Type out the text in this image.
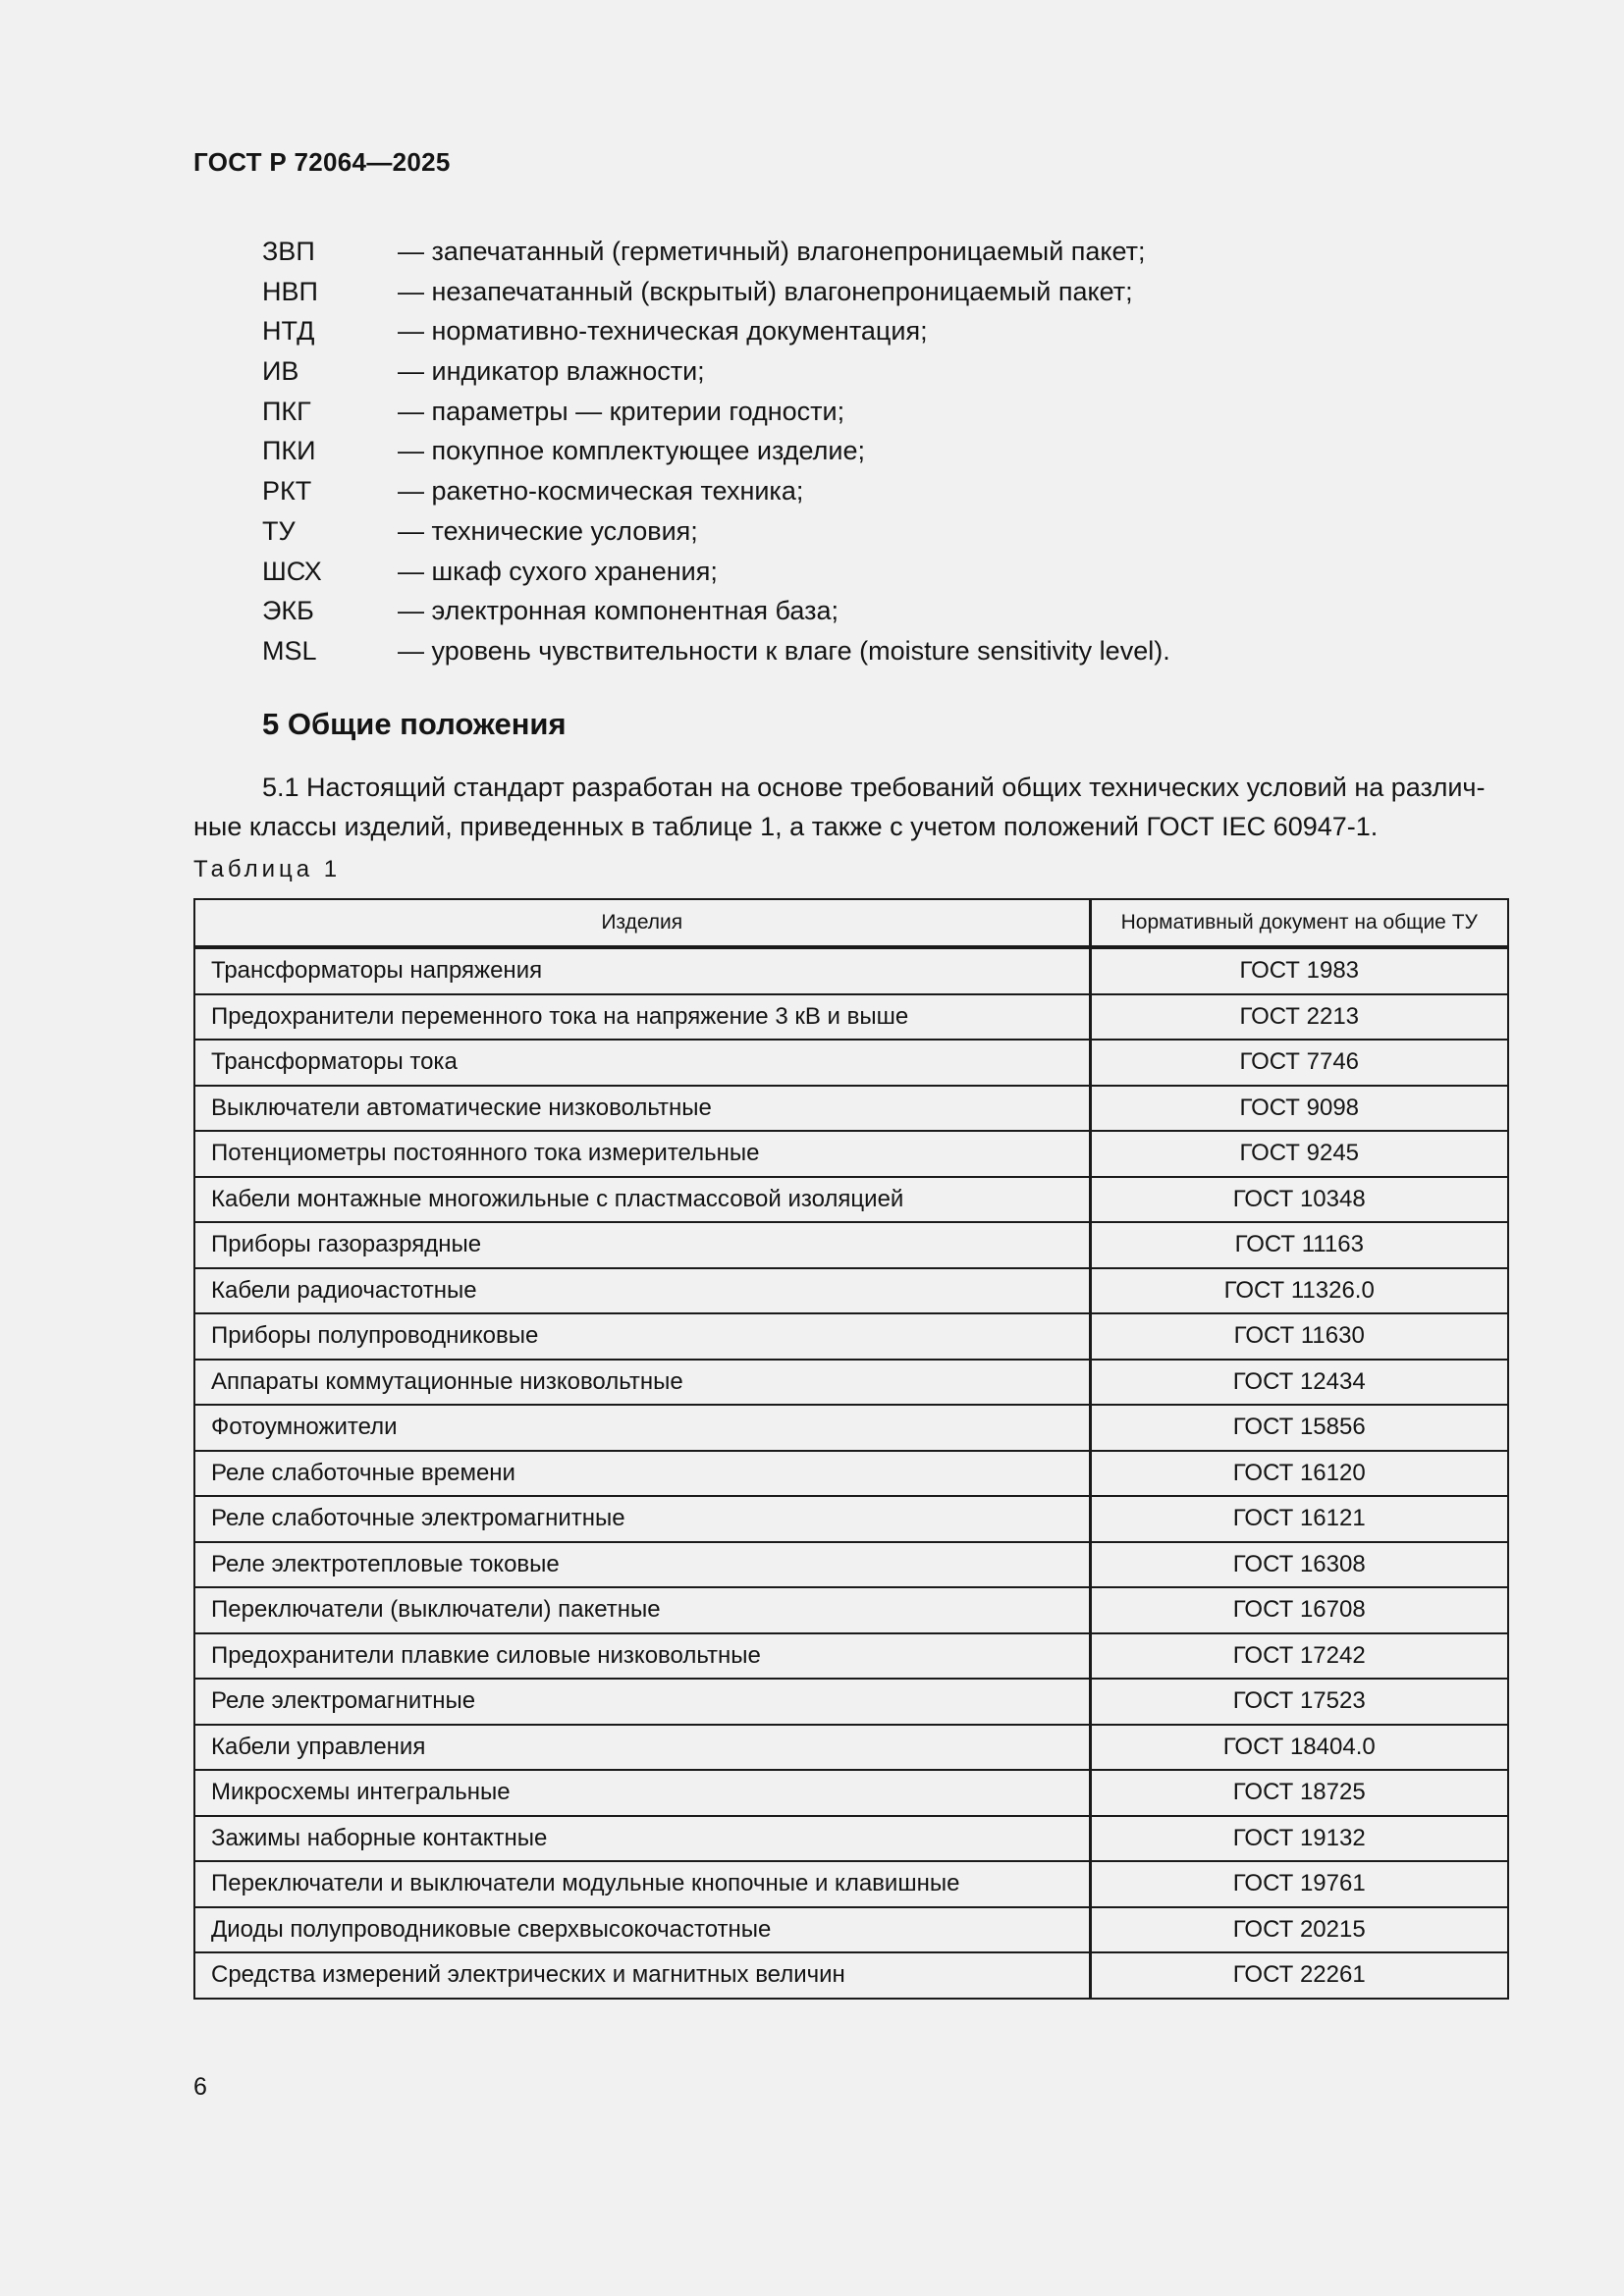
ГОСТ Р 72064—2025
ЗВП	— запечатанный (герметичный) влагонепроницаемый пакет;
НВП	— незапечатанный (вскрытый) влагонепроницаемый пакет;
НТД	— нормативно-техническая документация;
ИВ	— индикатор влажности;
ПКГ	— параметры — критерии годности;
ПКИ	— покупное комплектующее изделие;
РКТ	— ракетно-космическая техника;
ТУ	— технические условия;
ШСХ	— шкаф сухого хранения;
ЭКБ	— электронная компонентная база;
MSL	— уровень чувствительности к влаге (moisture sensitivity level).
5 Общие положения
5.1 Настоящий стандарт разработан на основе требований общих технических условий на различ-
ные классы изделий, приведенных в таблице 1, а также с учетом положений ГОСТ IEC 60947-1.
Таблица 1
Изделия	Нормативный документ на общие ТУ
Трансформаторы напряжения	ГОСТ 1983
Предохранители переменного тока на напряжение 3 кВ и выше	ГОСТ 2213
Трансформаторы тока	ГОСТ 7746
Выключатели автоматические низковольтные	ГОСТ 9098
Потенциометры постоянного тока измерительные	ГОСТ 9245
Кабели монтажные многожильные с пластмассовой изоляцией	ГОСТ 10348
Приборы газоразрядные	ГОСТ 11163
Кабели радиочастотные	ГОСТ 11326.0
Приборы полупроводниковые	ГОСТ 11630
Аппараты коммутационные низковольтные	ГОСТ 12434
Фотоумножители	ГОСТ 15856
Реле слаботочные времени	ГОСТ 16120
Реле слаботочные электромагнитные	ГОСТ 16121
Реле электротепловые токовые	ГОСТ 16308
Переключатели (выключатели) пакетные	ГОСТ 16708
Предохранители плавкие силовые низковольтные	ГОСТ 17242
Реле электромагнитные	ГОСТ 17523
Кабели управления	ГОСТ 18404.0
Микросхемы интегральные	ГОСТ 18725
Зажимы наборные контактные	ГОСТ 19132
Переключатели и выключатели модульные кнопочные и клавишные	ГОСТ 19761
Диоды полупроводниковые сверхвысокочастотные	ГОСТ 20215
Средства измерений электрических и магнитных величин	ГОСТ 22261
6
